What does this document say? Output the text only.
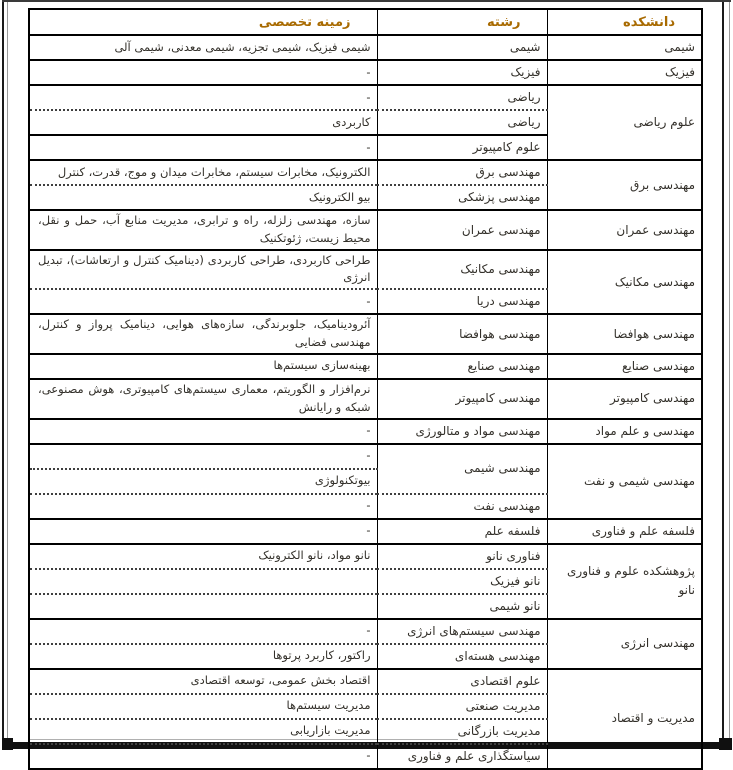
دانشکده	رشته	زمینه تخصصی
شیمی	شیمی	شیمی فیزیک، شیمی تجزیه، شیمی معدنی، شیمی آلی
فیزیک	فیزیک	-
علوم ریاضی	ریاضی	-
	ریاضی	کاربردی
	علوم کامپیوتر	-
مهندسی برق	مهندسی برق	الکترونیک، مخابرات سیستم، مخابرات میدان و موج، قدرت، کنترل
	مهندسی پزشکی	بیو الکترونیک
مهندسی عمران	مهندسی عمران	سازه، مهندسی زلزله، راه و ترابری، مدیریت منابع آب، حمل و نقل، محیط زیست، ژئوتکنیک
مهندسی مکانیک	مهندسی مکانیک	طراحی کاربردی، طراحی کاربردی (دینامیک کنترل و ارتعاشات)، تبدیل انرژی
	مهندسی دریا	-
مهندسی هوافضا	مهندسی هوافضا	آئرودینامیک، جلوبرندگی، سازه‌های هوایی، دینامیک پرواز و کنترل، مهندسی فضایی
مهندسی صنایع	مهندسی صنایع	بهینه‌سازی سیستم‌ها
مهندسی کامپیوتر	مهندسی کامپیوتر	نرم‌افزار و الگوریتم، معماری سیستم‌های کامپیوتری، هوش مصنوعی، شبکه و رایانش
مهندسی و علم مواد	مهندسی مواد و متالورژی	-
مهندسی شیمی و نفت	مهندسی شیمی	-
		بیوتکنولوژی
	مهندسی نفت	-
فلسفه علم و فناوری	فلسفه علم	-
پژوهشکده علوم و فناوری نانو	فناوری نانو	نانو مواد، نانو الکترونیک
	نانو فیزیک	
	نانو شیمی	
مهندسی انرژی	مهندسی سیستم‌های انرژی	-
	مهندسی هسته‌ای	راکتور، کاربرد پرتوها
مدیریت و اقتصاد	علوم اقتصادی	اقتصاد بخش عمومی، توسعه اقتصادی
	مدیریت صنعتی	مدیریت سیستم‌ها
	مدیریت بازرگانی	مدیریت بازاریابی
	سیاستگذاری علم و فناوری	-
